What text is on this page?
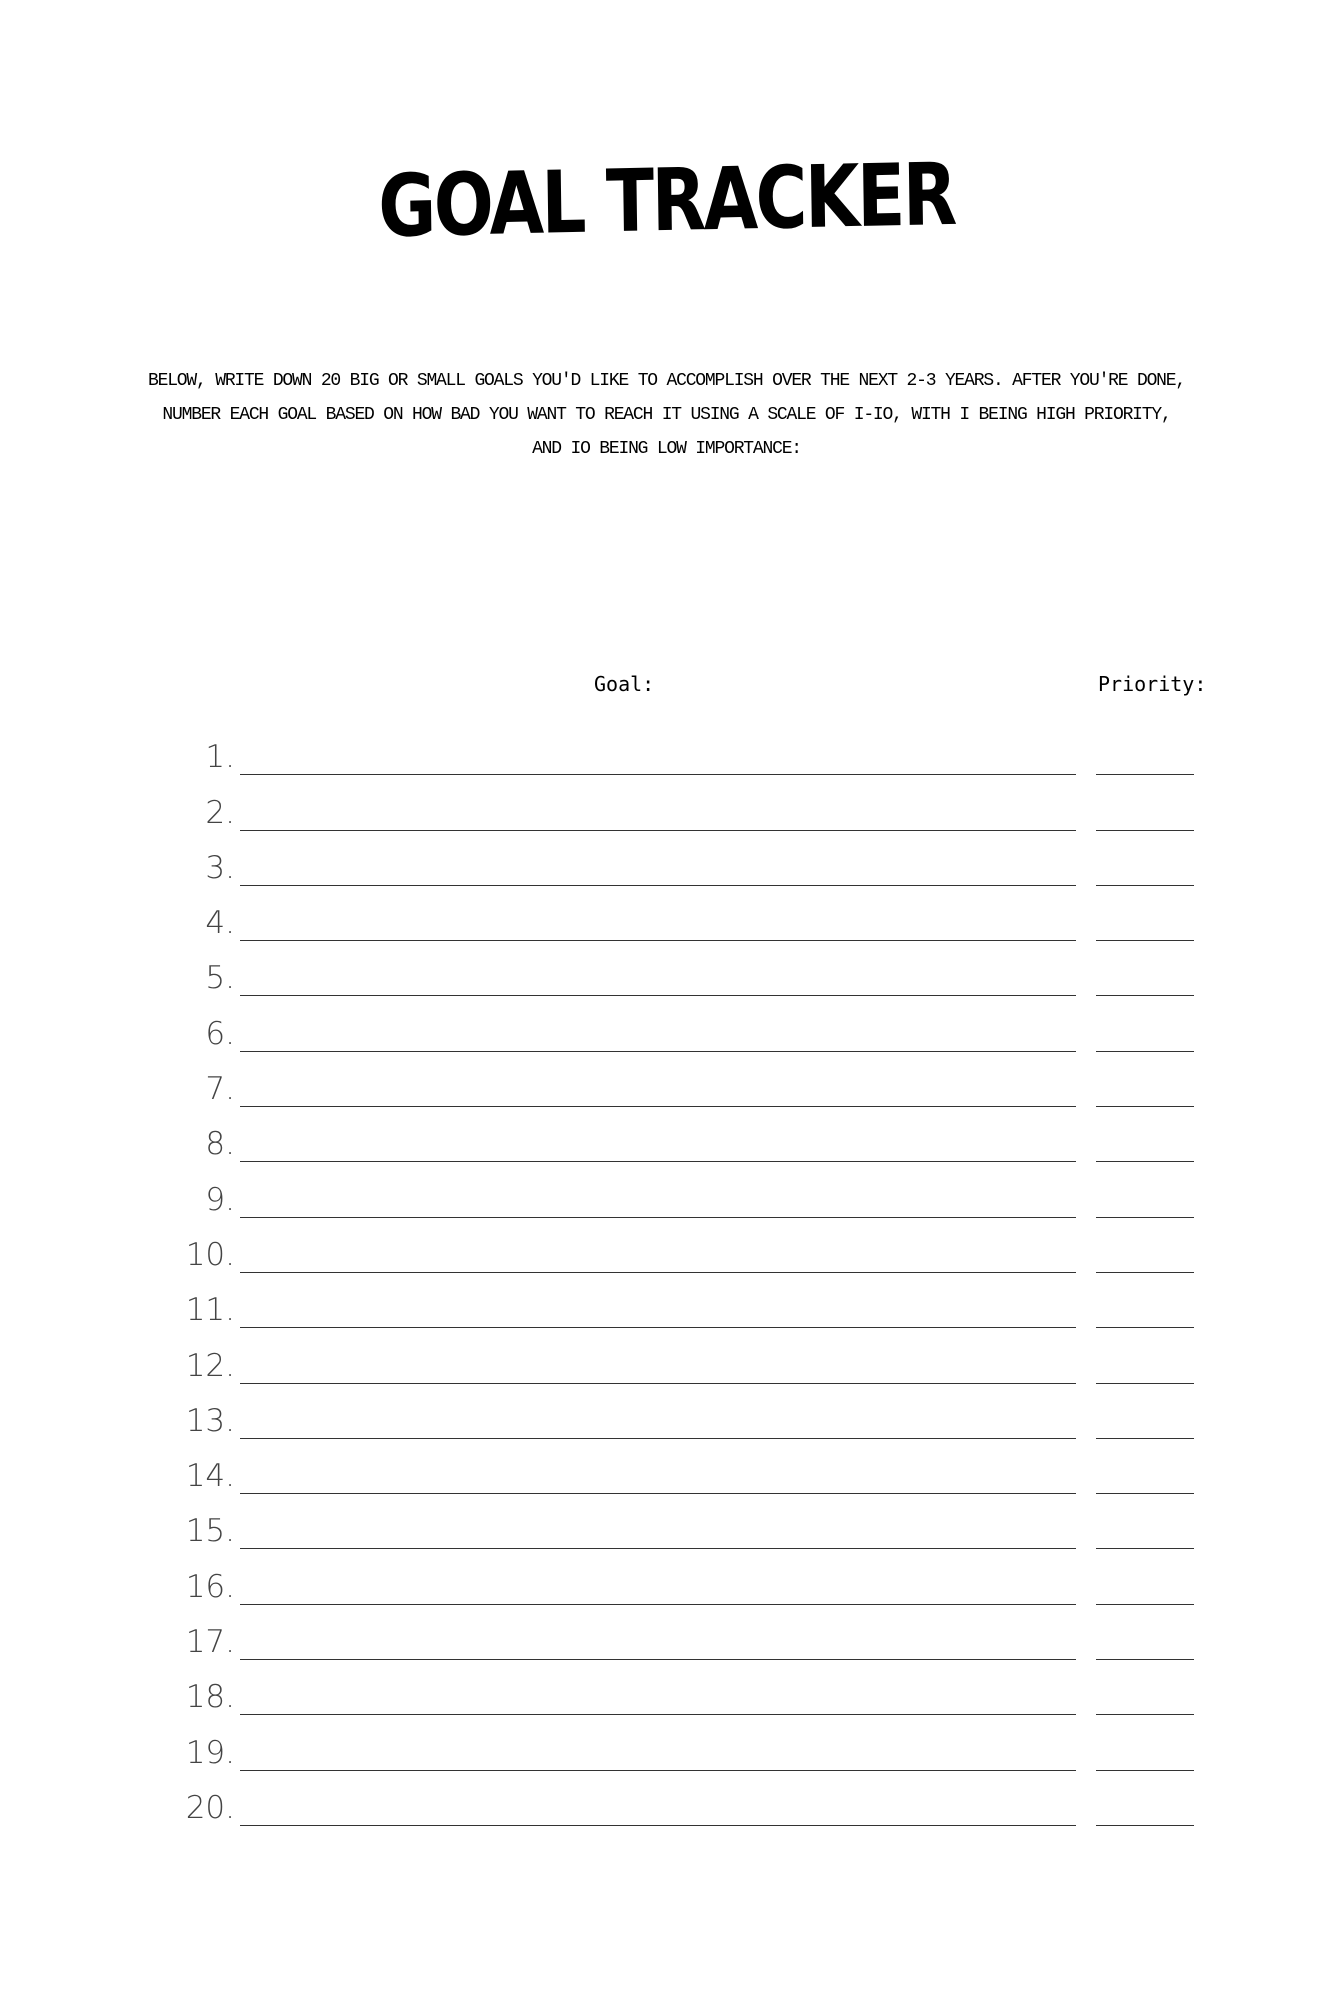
GOAL TRACKER
BELOW, WRITE DOWN 20 BIG OR SMALL GOALS YOU'D LIKE TO ACCOMPLISH OVER THE NEXT 2-3 YEARS. AFTER YOU'RE DONE,
NUMBER EACH GOAL BASED ON HOW BAD YOU WANT TO REACH IT USING A SCALE OF I-IO, WITH I BEING HIGH PRIORITY,
AND IO BEING LOW IMPORTANCE:
Goal:	Priority:
1.
2.
3.
4.
5.
6.
7.
8.
9.
10.
11.
12.
13.
14.
15.
16.
17.
18.
19.
20.
